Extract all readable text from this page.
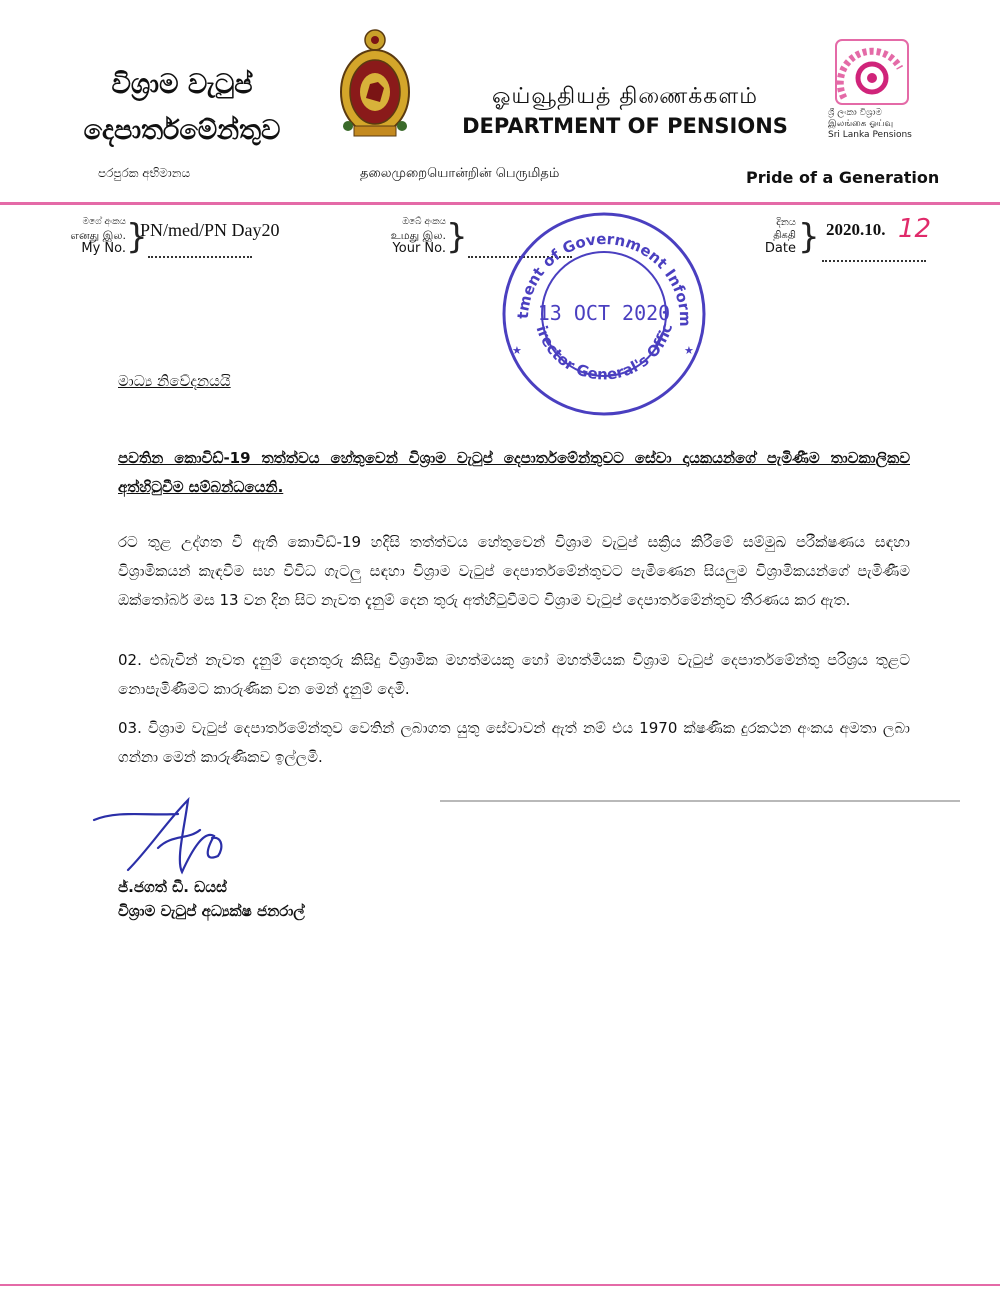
විශ්‍රාම වැටුප්
දෙපාර්තමේන්තුව
ஓய்வூதியத் திணைக்களம்
DEPARTMENT OF PENSIONS
ශ්‍රී ලංකා විශ්‍රාම
இலங்கை ஓய்வு
Sri Lanka Pensions
පරපුරක අභිමානය	தலைமுறையொன்றின் பெருமிதம்	Pride of a Generation
මගේ අංකය
எனது இல.
My No. }
PN/med/PN Day20	ඔබේ අංකය
உமது இல.
Your No. }	දිනය
திகதி
Date } 2020.10. 12
tment of Government Inform
irector General's Office
★	★
13 OCT 2020
මාධ්‍ය නිවේදනයයි
පවතින කොවිඩ්-19 තත්ත්වය හේතුවෙන් විශ්‍රාම වැටුප් දෙපාර්තමේන්තුවට සේවා දායකයන්ගේ පැමිණීම තාවකාලිකව අත්හිටුවීම සම්බන්ධයෙනි.
රට තුළ උද්ගත වී ඇති කොවිඩ්-19 හදිසි තත්ත්වය හේතුවෙන් විශ්‍රාම වැටුප් සක්‍රිය කිරීමේ සම්මුඛ පරීක්ෂණය සඳහා විශ්‍රාමිකයන් කැඳවීම සහ විවිධ ගැටලු සඳහා විශ්‍රාම වැටුප් දෙපාර්තමේන්තුවට පැමිණෙන සියලුම විශ්‍රාමිකයන්ගේ පැමිණීම ඔක්තෝබර් මස 13 වන දින සිට නැවත දැනුම් දෙන තුරු අත්හිටුවීමට විශ්‍රාම වැටුප් දෙපාර්තමේන්තුව තීරණය කර ඇත.
02. එබැවින් නැවත දැනුම් දෙනතුරු කිසිදු විශ්‍රාමික මහත්මයකු හෝ මහත්මියක විශ්‍රාම වැටුප් දෙපාර්තමේන්තු පරිශ්‍රය තුළට නොපැමිණීමට කාරුණික වන මෙන් දැනුම් දෙමි.
03. විශ්‍රාම වැටුප් දෙපාර්තමේන්තුව වෙතින් ලබාගත යුතු සේවාවන් ඇත් නම් එය 1970 ක්ෂණික දුරකථන අංකය අමතා ලබා ගන්නා මෙන් කාරුණිකව ඉල්ලමි.
ජ්.ජගත් ඩී. ඩයස්
විශ්‍රාම වැටුප් අධ්‍යක්ෂ ජනරාල්
